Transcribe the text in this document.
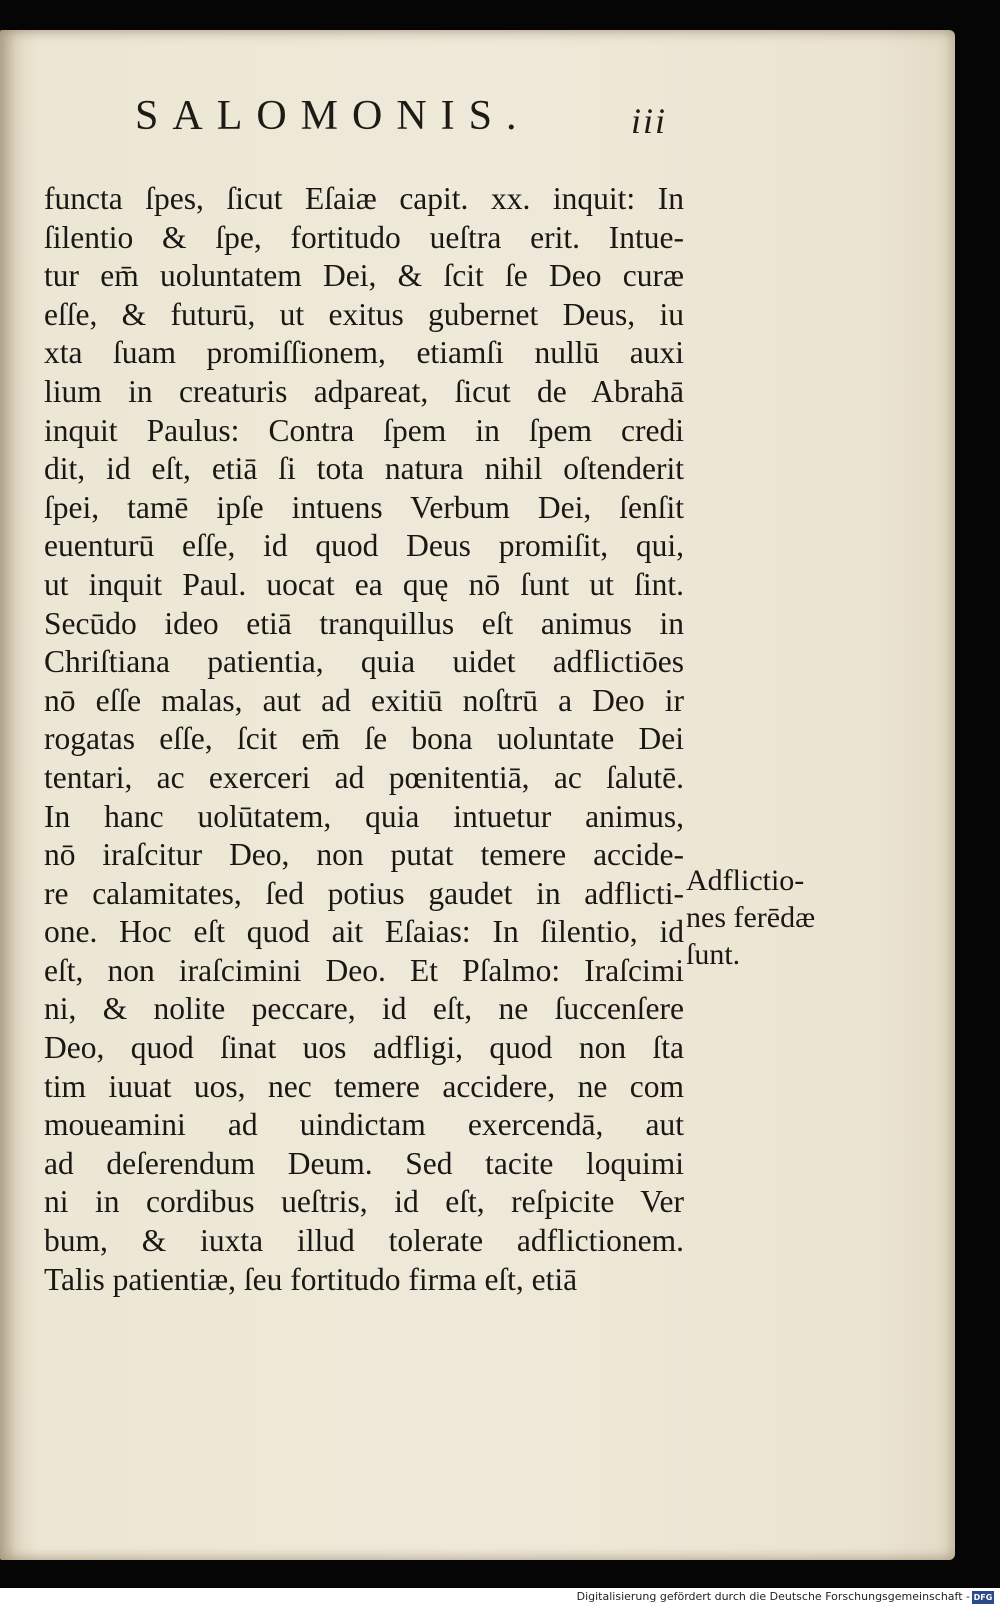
SALOMONIS.	iii
functa ſpes, ſicut Eſaiæ capit. xx. inquit: In
ſilentio & ſpe, fortitudo ueſtra erit. Intue-
tur em̄ uoluntatem Dei, & ſcit ſe Deo curæ
eſſe, & futurū, ut exitus gubernet Deus, iu
xta ſuam promiſſionem, etiamſi nullū auxi
lium in creaturis adpareat, ſicut de Abrahā
inquit Paulus: Contra ſpem in ſpem credi
dit, id eſt, etiā ſi tota natura nihil oſtenderit
ſpei, tamē ipſe intuens Verbum Dei, ſenſit
euenturū eſſe, id quod Deus promiſit, qui,
ut inquit Paul. uocat ea quę nō ſunt ut ſint.
Secūdo ideo etiā tranquillus eſt animus in
Chriſtiana patientia, quia uidet adflictiōes
nō eſſe malas, aut ad exitiū noſtrū a Deo ir
rogatas eſſe, ſcit em̄ ſe bona uoluntate Dei
tentari, ac exerceri ad pœnitentiā, ac ſalutē.
In hanc uolūtatem, quia intuetur animus,
nō iraſcitur Deo, non putat temere accide-
re calamitates, ſed potius gaudet in adflicti-
one. Hoc eſt quod ait Eſaias: In ſilentio, id
eſt, non iraſcimini Deo. Et Pſalmo: Iraſcimi
ni, & nolite peccare, id eſt, ne ſuccenſere
Deo, quod ſinat uos adfligi, quod non ſta
tim iuuat uos, nec temere accidere, ne com
moueamini ad uindictam exercendā, aut
ad deſerendum Deum. Sed tacite loquimi
ni in cordibus ueſtris, id eſt, reſpicite Ver
bum, & iuxta illud tolerate adflictionem.
Talis patientiæ, ſeu fortitudo firma eſt, etiā
Adflictio-
nes ferēdæ
ſunt.
Digitalisierung gefördert durch die Deutsche Forschungsgemeinschaft - DFG
